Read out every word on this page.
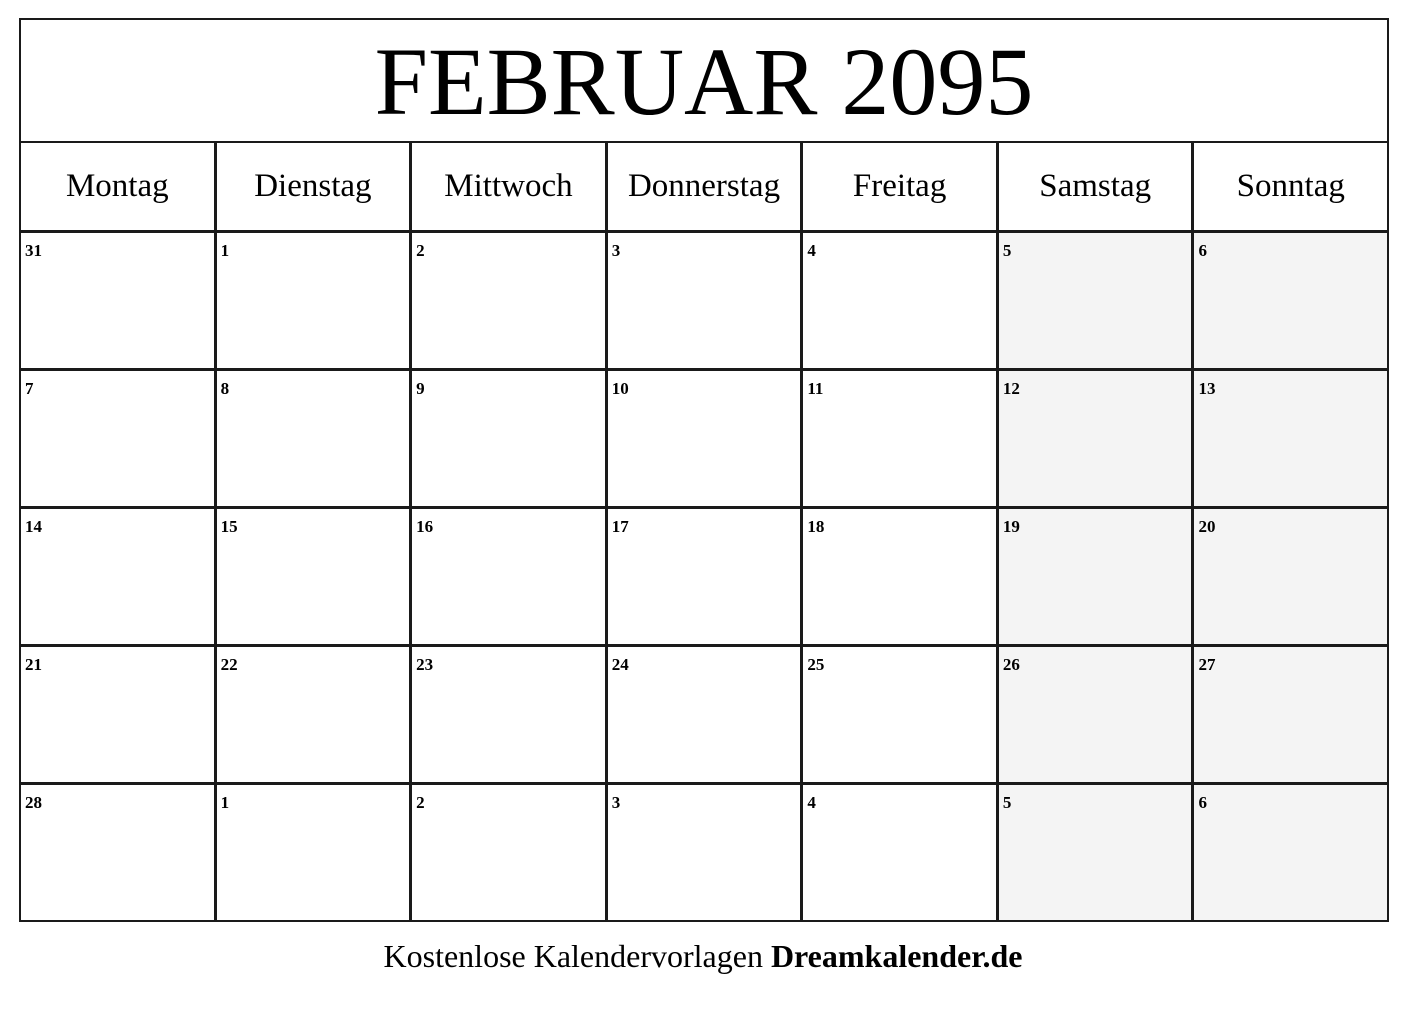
FEBRUAR 2095
Montag	Dienstag	Mittwoch	Donnerstag	Freitag	Samstag	Sonntag
31	1	2	3	4	5	6
7	8	9	10	11	12	13
14	15	16	17	18	19	20
21	22	23	24	25	26	27
28	1	2	3	4	5	6
Kostenlose Kalendervorlagen Dreamkalender.de
